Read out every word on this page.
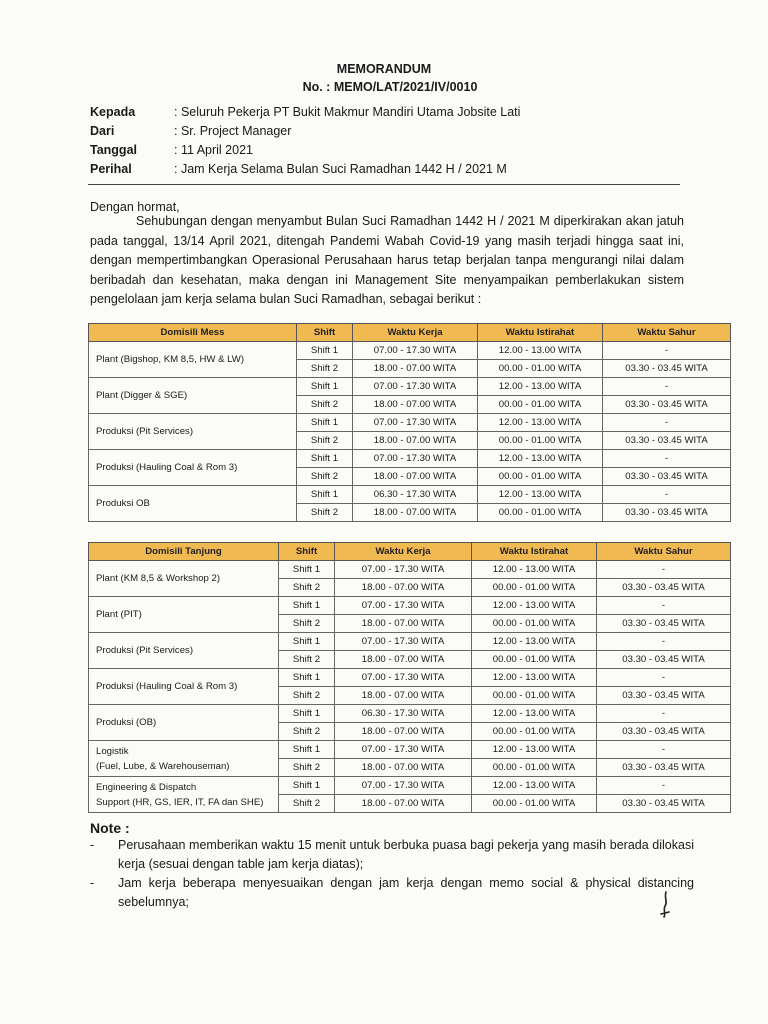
MEMORANDUM
No. : MEMO/LAT/2021/IV/0010
Kepada	: Seluruh Pekerja PT Bukit Makmur Mandiri Utama Jobsite Lati
Dari	: Sr. Project Manager
Tanggal	: 11 April 2021
Perihal	: Jam Kerja Selama Bulan Suci Ramadhan 1442 H / 2021 M
Dengan hormat,
Sehubungan dengan menyambut Bulan Suci Ramadhan 1442 H / 2021 M diperkirakan akan jatuh pada tanggal, 13/14 April 2021, ditengah Pandemi Wabah Covid-19 yang masih terjadi hingga saat ini, dengan mempertimbangkan Operasional Perusahaan harus tetap berjalan tanpa mengurangi nilai dalam beribadah dan kesehatan, maka dengan ini Management Site menyampaikan pemberlakukan sistem pengelolaan jam kerja selama bulan Suci Ramadhan, sebagai berikut :
Domisili Mess	Shift	Waktu Kerja	Waktu Istirahat	Waktu Sahur
Plant (Bigshop, KM 8,5, HW & LW)	Shift 1	07.00 - 17.30 WITA	12.00 - 13.00 WITA	-
	Shift 2	18.00 - 07.00 WITA	00.00 - 01.00 WITA	03.30 - 03.45 WITA
Plant (Digger & SGE)	Shift 1	07.00 - 17.30 WITA	12.00 - 13.00 WITA	-
	Shift 2	18.00 - 07.00 WITA	00.00 - 01.00 WITA	03.30 - 03.45 WITA
Produksi (Pit Services)	Shift 1	07.00 - 17.30 WITA	12.00 - 13.00 WITA	-
	Shift 2	18.00 - 07.00 WITA	00.00 - 01.00 WITA	03.30 - 03.45 WITA
Produksi (Hauling Coal & Rom 3)	Shift 1	07.00 - 17.30 WITA	12.00 - 13.00 WITA	-
	Shift 2	18.00 - 07.00 WITA	00.00 - 01.00 WITA	03.30 - 03.45 WITA
Produksi OB	Shift 1	06.30 - 17.30 WITA	12.00 - 13.00 WITA	-
	Shift 2	18.00 - 07.00 WITA	00.00 - 01.00 WITA	03.30 - 03.45 WITA
Domisili Tanjung	Shift	Waktu Kerja	Waktu Istirahat	Waktu Sahur
Plant (KM 8,5 & Workshop 2)	Shift 1	07.00 - 17.30 WITA	12.00 - 13.00 WITA	-
	Shift 2	18.00 - 07.00 WITA	00.00 - 01.00 WITA	03.30 - 03.45 WITA
Plant (PIT)	Shift 1	07.00 - 17.30 WITA	12.00 - 13.00 WITA	-
	Shift 2	18.00 - 07.00 WITA	00.00 - 01.00 WITA	03.30 - 03.45 WITA
Produksi (Pit Services)	Shift 1	07.00 - 17.30 WITA	12.00 - 13.00 WITA	-
	Shift 2	18.00 - 07.00 WITA	00.00 - 01.00 WITA	03.30 - 03.45 WITA
Produksi (Hauling Coal & Rom 3)	Shift 1	07.00 - 17.30 WITA	12.00 - 13.00 WITA	-
	Shift 2	18.00 - 07.00 WITA	00.00 - 01.00 WITA	03.30 - 03.45 WITA
Produksi (OB)	Shift 1	06.30 - 17.30 WITA	12.00 - 13.00 WITA	-
	Shift 2	18.00 - 07.00 WITA	00.00 - 01.00 WITA	03.30 - 03.45 WITA

Logistik
(Fuel, Lube, & Warehouseman)	Shift 1	07.00 - 17.30 WITA	12.00 - 13.00 WITA	-
	Shift 2	18.00 - 07.00 WITA	00.00 - 01.00 WITA	03.30 - 03.45 WITA

Engineering & Dispatch
Support (HR, GS, IER, IT, FA dan SHE)	Shift 1	07.00 - 17.30 WITA	12.00 - 13.00 WITA	-
	Shift 2	18.00 - 07.00 WITA	00.00 - 01.00 WITA	03.30 - 03.45 WITA
Note :
- Perusahaan memberikan waktu 15 menit untuk berbuka puasa bagi pekerja yang masih berada dilokasi kerja (sesuai dengan table jam kerja diatas);
- Jam kerja beberapa menyesuaikan dengan jam kerja dengan memo social & physical distancing sebelumnya;
